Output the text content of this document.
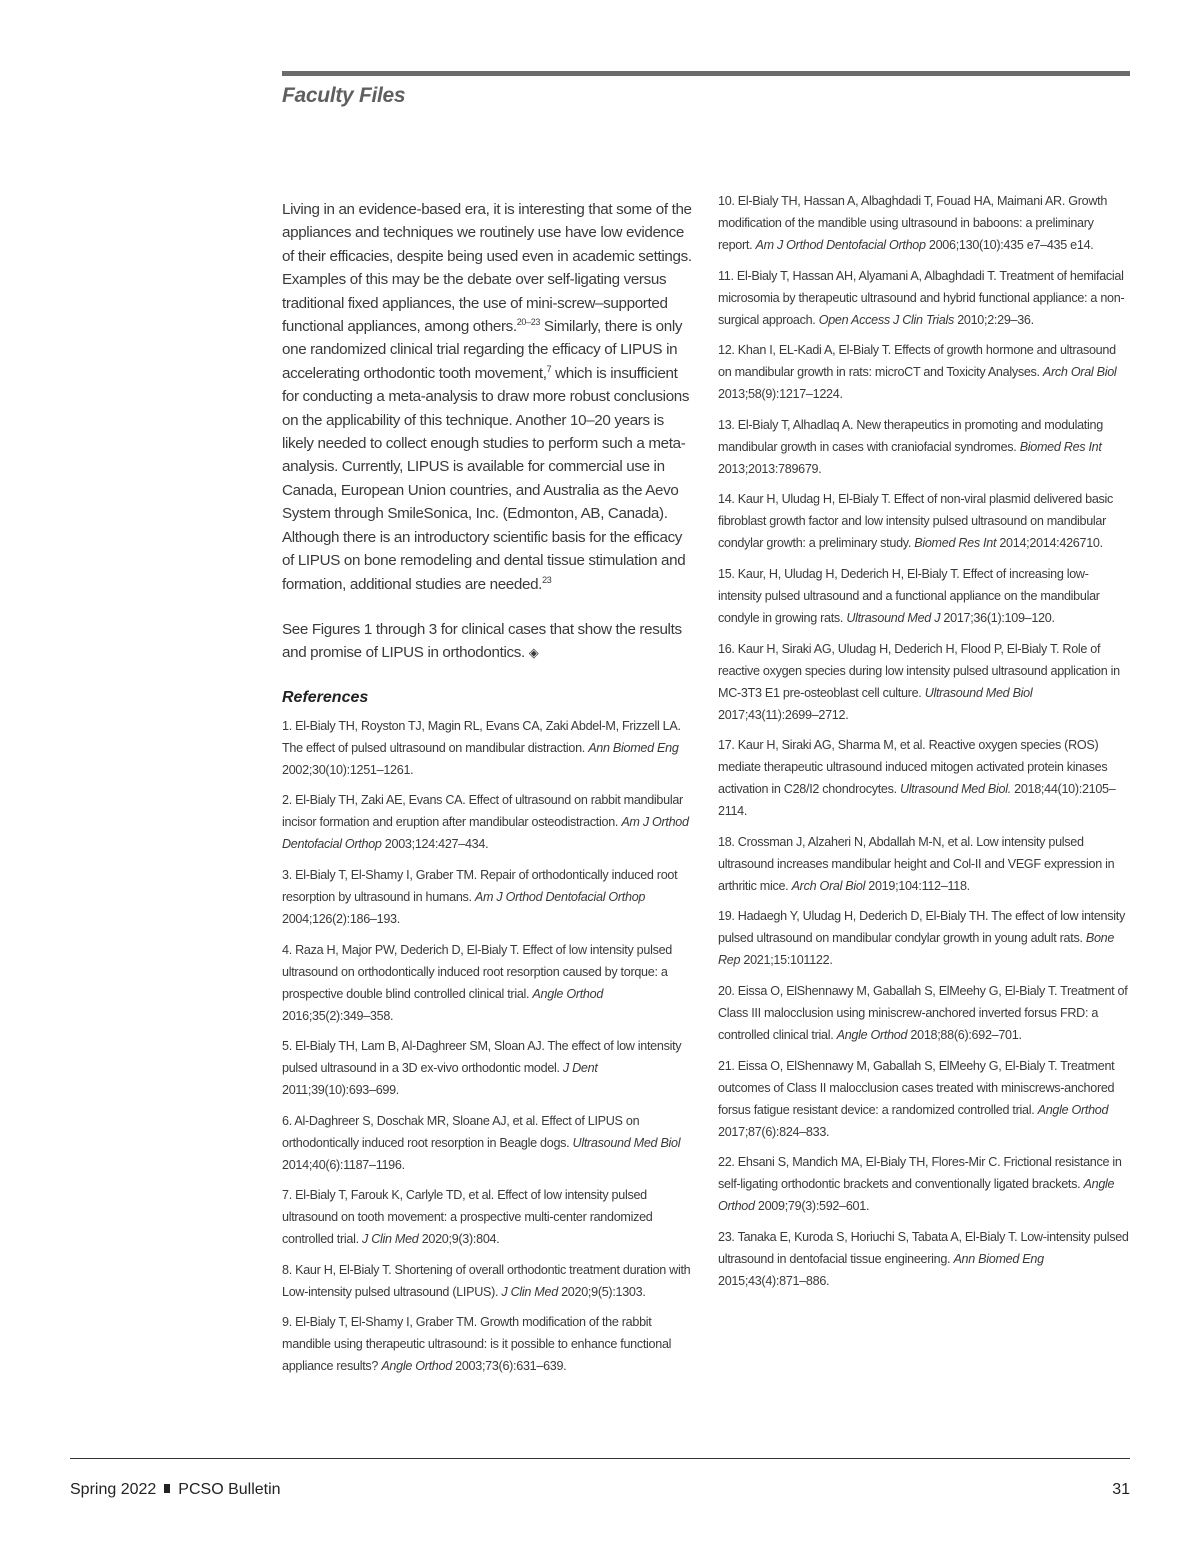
Faculty Files

Living in an evidence-based era, it is interesting that some of the appliances and techniques we routinely use have low evidence of their efficacies, despite being used even in academic settings. Examples of this may be the debate over self-ligating versus traditional fixed appliances, the use of mini-screw–supported functional appliances, among others.$^{20-23}$ Similarly, there is only one randomized clinical trial regarding the efficacy of LIPUS in accelerating orthodontic tooth movement,$^7$ which is insufficient for conducting a meta-analysis to draw more robust conclusions on the applicability of this technique. Another 10–20 years is likely needed to collect enough studies to perform such a meta-analysis. Currently, LIPUS is available for commercial use in Canada, European Union countries, and Australia as the Aevo System through SmileSonica, Inc. (Edmonton, AB, Canada). Although there is an introductory scientific basis for the efficacy of LIPUS on bone remodeling and dental tissue stimulation and formation, additional studies are needed.$^{23}$

See Figures 1 through 3 for clinical cases that show the results and promise of LIPUS in orthodontics. ◈

References

1. El-Bialy TH, Royston TJ, Magin RL, Evans CA, Zaki Abdel-M, Frizzell LA. The effect of pulsed ultrasound on mandibular distraction. Ann Biomed Eng 2002;30(10):1251–1261.

2. El-Bialy TH, Zaki AE, Evans CA. Effect of ultrasound on rabbit mandibular incisor formation and eruption after mandibular osteodistraction. Am J Orthod Dentofacial Orthop 2003;124:427–434.

3. El-Bialy T, El-Shamy I, Graber TM. Repair of orthodontically induced root resorption by ultrasound in humans. Am J Orthod Dentofacial Orthop 2004;126(2):186–193.

4. Raza H, Major PW, Dederich D, El-Bialy T. Effect of low intensity pulsed ultrasound on orthodontically induced root resorption caused by torque: a prospective double blind controlled clinical trial. Angle Orthod 2016;35(2):349–358.

5. El-Bialy TH, Lam B, Al-Daghreer SM, Sloan AJ. The effect of low intensity pulsed ultrasound in a 3D ex-vivo orthodontic model. J Dent 2011;39(10):693–699.

6. Al-Daghreer S, Doschak MR, Sloane AJ, et al. Effect of LIPUS on orthodontically induced root resorption in Beagle dogs. Ultrasound Med Biol 2014;40(6):1187–1196.

7. El-Bialy T, Farouk K, Carlyle TD, et al. Effect of low intensity pulsed ultrasound on tooth movement: a prospective multi-center randomized controlled trial. J Clin Med 2020;9(3):804.

8. Kaur H, El-Bialy T. Shortening of overall orthodontic treatment duration with Low-intensity pulsed ultrasound (LIPUS). J Clin Med 2020;9(5):1303.

9. El-Bialy T, El-Shamy I, Graber TM. Growth modification of the rabbit mandible using therapeutic ultrasound: is it possible to enhance functional appliance results? Angle Orthod 2003;73(6):631–639.

10. El-Bialy TH, Hassan A, Albaghdadi T, Fouad HA, Maimani AR. Growth modification of the mandible using ultrasound in baboons: a preliminary report. Am J Orthod Dentofacial Orthop 2006;130(10):435 e7–435 e14.

11. El-Bialy T, Hassan AH, Alyamani A, Albaghdadi T. Treatment of hemifacial microsomia by therapeutic ultrasound and hybrid functional appliance: a non-surgical approach. Open Access J Clin Trials 2010;2:29–36.

12. Khan I, EL-Kadi A, El-Bialy T. Effects of growth hormone and ultrasound on mandibular growth in rats: microCT and Toxicity Analyses. Arch Oral Biol 2013;58(9):1217–1224.

13. El-Bialy T, Alhadlaq A. New therapeutics in promoting and modulating mandibular growth in cases with craniofacial syndromes. Biomed Res Int 2013;2013:789679.

14. Kaur H, Uludag H, El-Bialy T. Effect of non-viral plasmid delivered basic fibroblast growth factor and low intensity pulsed ultrasound on mandibular condylar growth: a preliminary study. Biomed Res Int 2014;2014:426710.

15. Kaur, H, Uludag H, Dederich H, El-Bialy T. Effect of increasing low-intensity pulsed ultrasound and a functional appliance on the mandibular condyle in growing rats. Ultrasound Med J 2017;36(1):109–120.

16. Kaur H, Siraki AG, Uludag H, Dederich H, Flood P, El-Bialy T. Role of reactive oxygen species during low intensity pulsed ultrasound application in MC-3T3 E1 pre-osteoblast cell culture. Ultrasound Med Biol 2017;43(11):2699–2712.

17. Kaur H, Siraki AG, Sharma M, et al. Reactive oxygen species (ROS) mediate therapeutic ultrasound induced mitogen activated protein kinases activation in C28/I2 chondrocytes. Ultrasound Med Biol. 2018;44(10):2105–2114.

18. Crossman J, Alzaheri N, Abdallah M-N, et al. Low intensity pulsed ultrasound increases mandibular height and Col-II and VEGF expression in arthritic mice. Arch Oral Biol 2019;104:112–118.

19. Hadaegh Y, Uludag H, Dederich D, El-Bialy TH. The effect of low intensity pulsed ultrasound on mandibular condylar growth in young adult rats. Bone Rep 2021;15:101122.

20. Eissa O, ElShennawy M, Gaballah S, ElMeehy G, El-Bialy T. Treatment of Class III malocclusion using miniscrew-anchored inverted forsus FRD: a controlled clinical trial. Angle Orthod 2018;88(6):692–701.

21. Eissa O, ElShennawy M, Gaballah S, ElMeehy G, El-Bialy T. Treatment outcomes of Class II malocclusion cases treated with miniscrews-anchored forsus fatigue resistant device: a randomized controlled trial. Angle Orthod 2017;87(6):824–833.

22. Ehsani S, Mandich MA, El-Bialy TH, Flores-Mir C. Frictional resistance in self-ligating orthodontic brackets and conventionally ligated brackets. Angle Orthod 2009;79(3):592–601.

23. Tanaka E, Kuroda S, Horiuchi S, Tabata A, El-Bialy T. Low-intensity pulsed ultrasound in dentofacial tissue engineering. Ann Biomed Eng 2015;43(4):871–886.

Spring 2022 PCSO Bulletin	31
